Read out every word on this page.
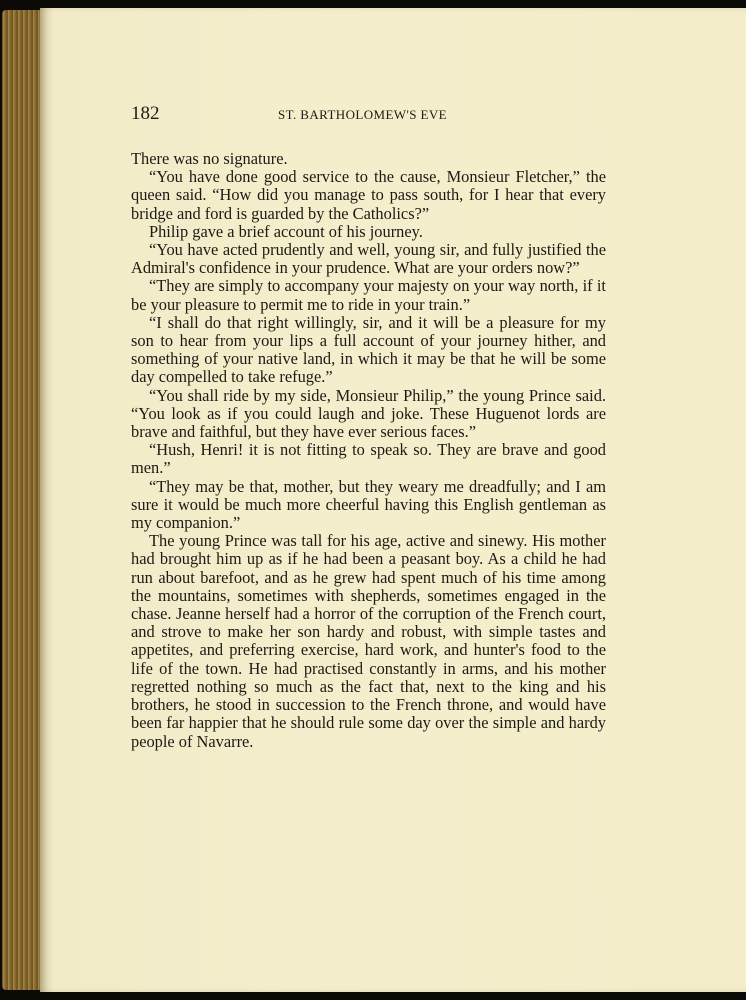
182	ST. BARTHOLOMEW'S EVE

There was no signature.

“You have done good service to the cause, Monsieur Fletcher,” the queen said. “How did you manage to pass south, for I hear that every bridge and ford is guarded by the Catholics?”

Philip gave a brief account of his journey.

“You have acted prudently and well, young sir, and fully justified the Admiral's confidence in your prudence. What are your orders now?”

“They are simply to accompany your majesty on your way north, if it be your pleasure to permit me to ride in your train.”

“I shall do that right willingly, sir, and it will be a pleasure for my son to hear from your lips a full account of your journey hither, and something of your native land, in which it may be that he will be some day compelled to take refuge.”

“You shall ride by my side, Monsieur Philip,” the young Prince said. “You look as if you could laugh and joke. These Huguenot lords are brave and faithful, but they have ever serious faces.”

“Hush, Henri! it is not fitting to speak so. They are brave and good men.”

“They may be that, mother, but they weary me dreadfully; and I am sure it would be much more cheerful having this English gentleman as my companion.”

The young Prince was tall for his age, active and sinewy. His mother had brought him up as if he had been a peasant boy. As a child he had run about barefoot, and as he grew had spent much of his time among the mountains, sometimes with shepherds, sometimes engaged in the chase. Jeanne herself had a horror of the corruption of the French court, and strove to make her son hardy and robust, with simple tastes and appetites, and preferring exercise, hard work, and hunter's food to the life of the town. He had practised constantly in arms, and his mother regretted nothing so much as the fact that, next to the king and his brothers, he stood in succession to the French throne, and would have been far happier that he should rule some day over the simple and hardy people of Navarre.
